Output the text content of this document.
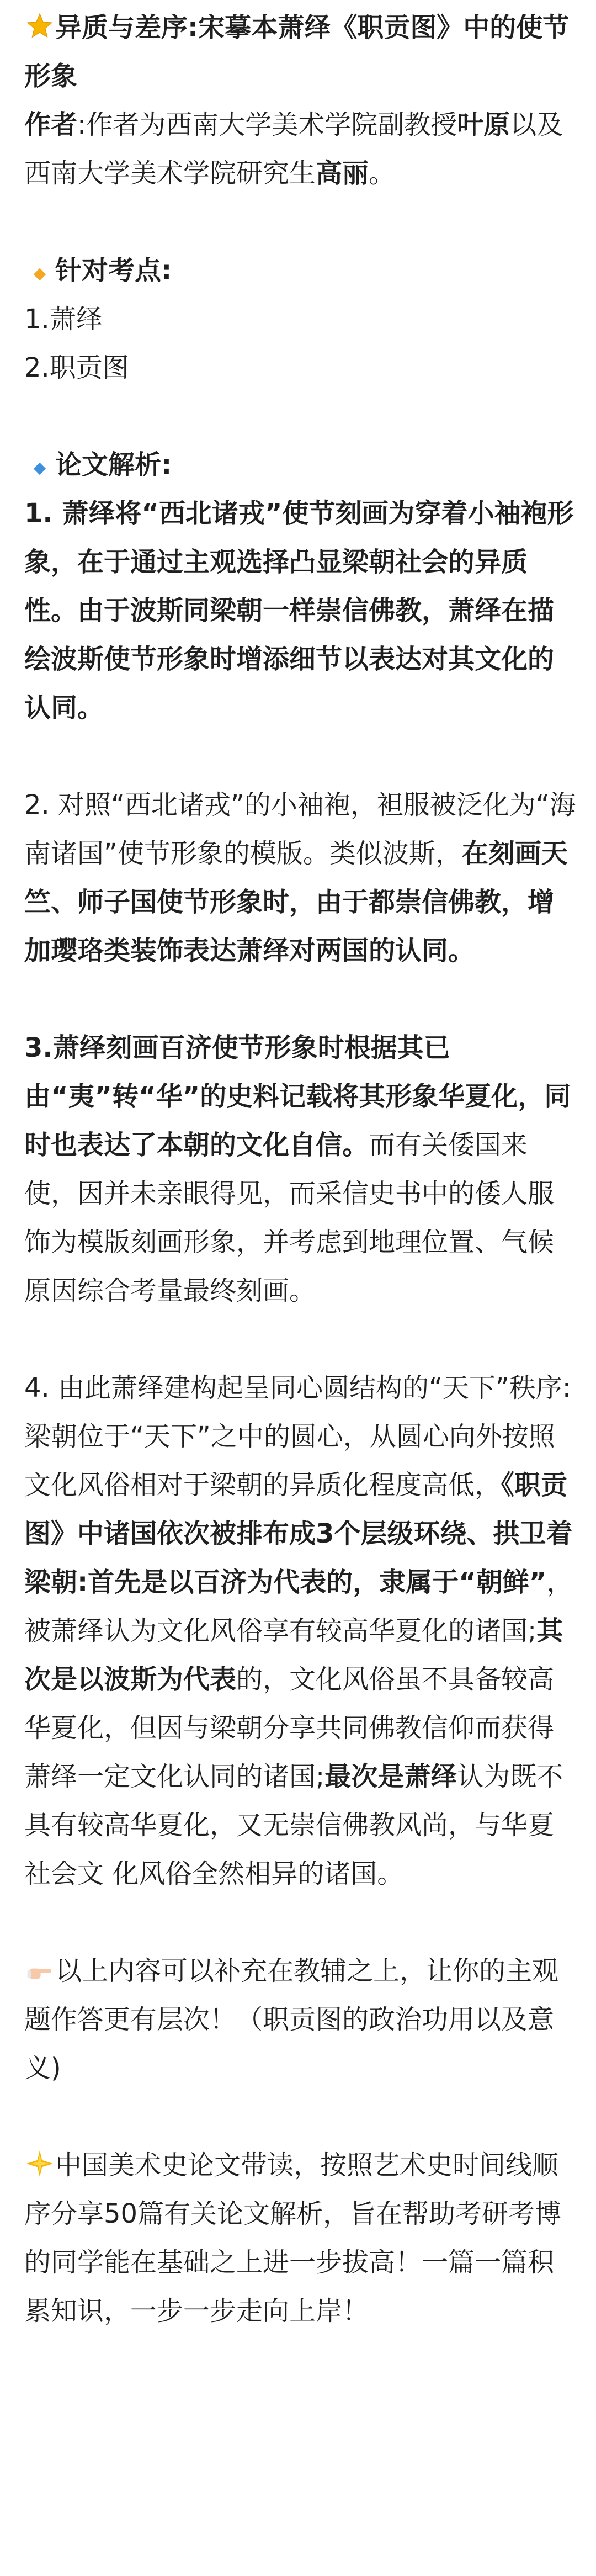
异质与差序:宋摹本萧绎《职贡图》中的使节形象

作者:作者为西南大学美术学院副教授叶原以及西南大学美术学院研究生高丽。

针对考点:

1.萧绎

2.职贡图

论文解析:

1. 萧绎将“西北诸戎”使节刻画为穿着小袖袍形象，在于通过主观选择凸显梁朝社会的异质性。由于波斯同梁朝一样崇信佛教，萧绎在描绘波斯使节形象时增添细节以表达对其文化的认同。

2. 对照“西北诸戎”的小袖袍，袒服被泛化为“海南诸国”使节形象的模版。类似波斯，在刻画天竺、师子国使节形象时，由于都崇信佛教，增加璎珞类装饰表达萧绎对两国的认同。

3.萧绎刻画百济使节形象时根据其已由“夷”转“华”的史料记载将其形象华夏化，同时也表达了本朝的文化自信。而有关倭国来使，因并未亲眼得见，而采信史书中的倭人服饰为模版刻画形象，并考虑到地理位置、气候原因综合考量最终刻画。

4. 由此萧绎建构起呈同心圆结构的“天下”秩序:梁朝位于“天下”之中的圆心，从圆心向外按照文化风俗相对于梁朝的异质化程度高低，《职贡图》中诸国依次被排布成3个层级环绕、拱卫着梁朝:首先是以百济为代表的，隶属于“朝鲜”，被萧绎认为文化风俗享有较高华夏化的诸国;其次是以波斯为代表的，文化风俗虽不具备较高华夏化，但因与梁朝分享共同佛教信仰而获得萧绎一定文化认同的诸国;最次是萧绎认为既不具有较高华夏化，又无崇信佛教风尚，与华夏社会文 化风俗全然相异的诸国。

以上内容可以补充在教辅之上，让你的主观题作答更有层次！（职贡图的政治功用以及意义)

中国美术史论文带读，按照艺术史时间线顺序分享50篇有关论文解析，旨在帮助考研考博的同学能在基础之上进一步拔高！一篇一篇积累知识，一步一步走向上岸！
